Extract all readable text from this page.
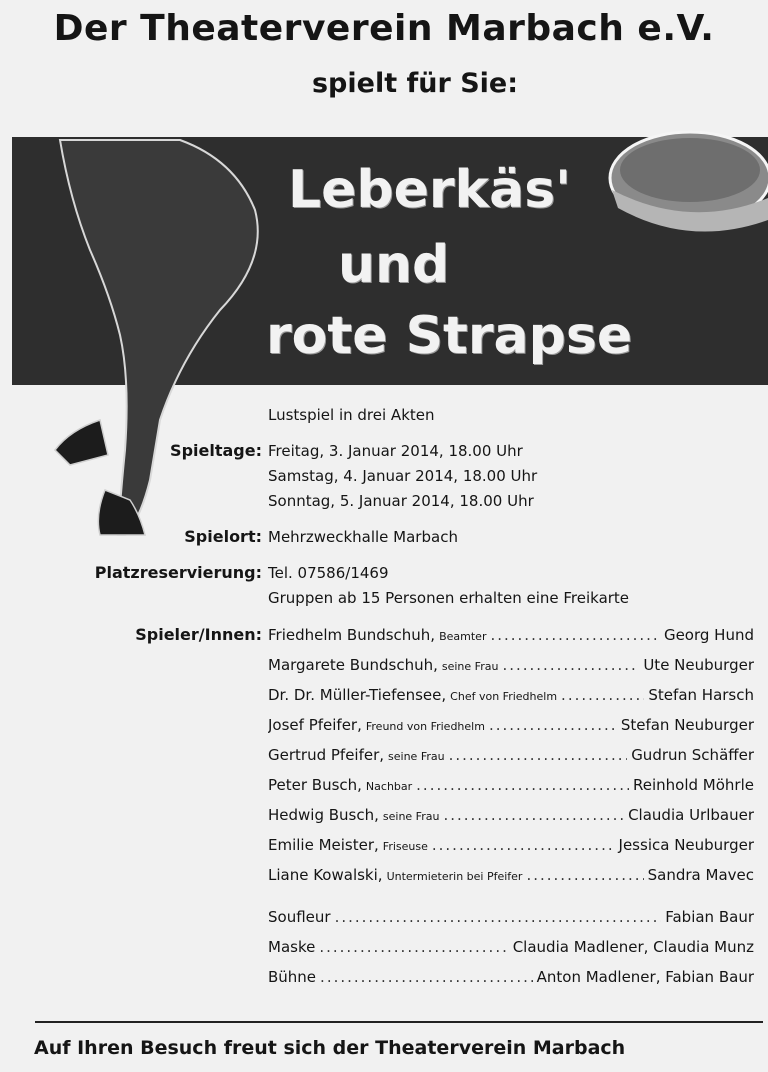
Der Theaterverein Marbach e.V.
spielt für Sie:
Leberkäs'
und
rote Strapse
Lustspiel in drei Akten
Spieltage: Freitag, 3. Januar 2014, 18.00 Uhr
Samstag, 4. Januar 2014, 18.00 Uhr
Sonntag, 5. Januar 2014, 18.00 Uhr
Spielort: Mehrzweckhalle Marbach
Platzreservierung: Tel. 07586/1469
Gruppen ab 15 Personen erhalten eine Freikarte
Spieler/Innen: Friedhelm Bundschuh, Beamter .....	Georg Hund
Margarete Bundschuh, seine Frau .....	Ute Neuburger
Dr. Dr. Müller-Tiefensee, Chef von Friedhelm .....	Stefan Harsch
Josef Pfeifer, Freund von Friedhelm .....	Stefan Neuburger
Gertrud Pfeifer, seine Frau .....	Gudrun Schäffer
Peter Busch, Nachbar .....	Reinhold Möhrle
Hedwig Busch, seine Frau .....	Claudia Urlbauer
Emilie Meister, Friseuse .....	Jessica Neuburger
Liane Kowalski, Untermieterin bei Pfeifer .....	Sandra Mavec
Soufleur .....	Fabian Baur
Maske .....	Claudia Madlener, Claudia Munz
Bühne .....	Anton Madlener, Fabian Baur
Auf Ihren Besuch freut sich der Theaterverein Marbach
